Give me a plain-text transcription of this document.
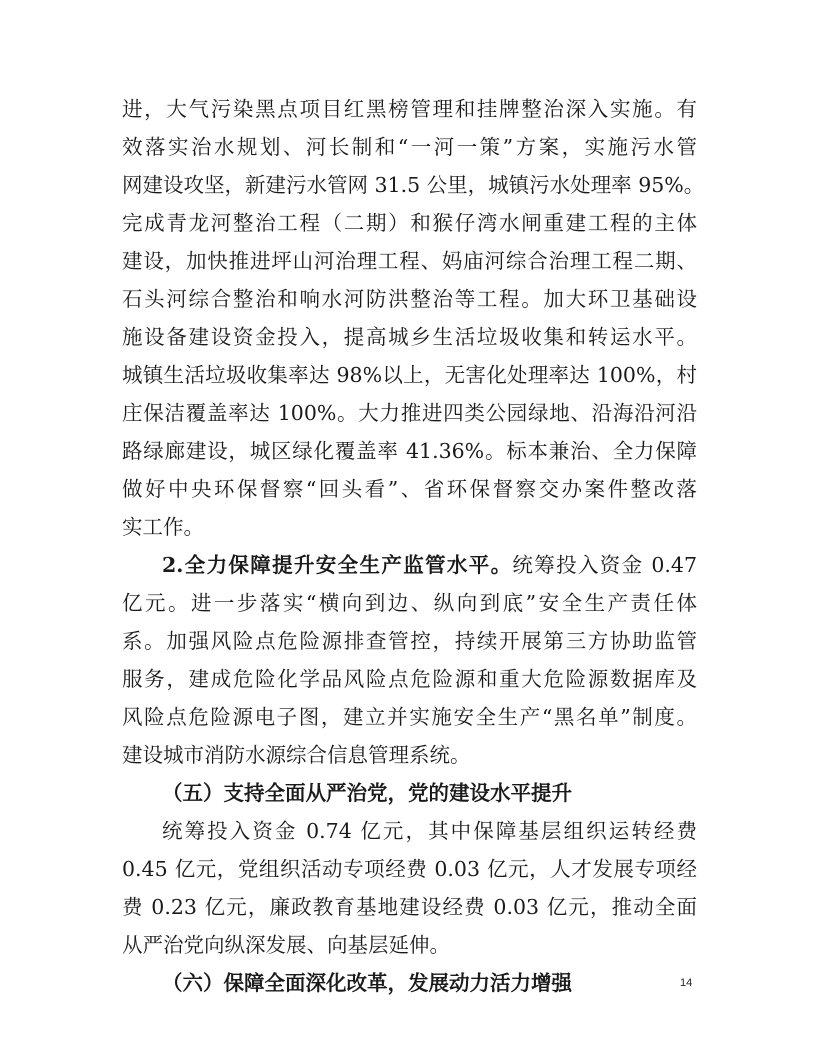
进，大气污染黑点项目红黑榜管理和挂牌整治深入实施。有
效落实治水规划、河长制和“一河一策”方案，实施污水管
网建设攻坚，新建污水管网 31.5 公里，城镇污水处理率 95%。
完成青龙河整治工程（二期）和猴仔湾水闸重建工程的主体
建设，加快推进坪山河治理工程、妈庙河综合治理工程二期、
石头河综合整治和响水河防洪整治等工程。加大环卫基础设
施设备建设资金投入，提高城乡生活垃圾收集和转运水平。
城镇生活垃圾收集率达 98%以上，无害化处理率达 100%，村
庄保洁覆盖率达 100%。大力推进四类公园绿地、沿海沿河沿
路绿廊建设，城区绿化覆盖率 41.36%。标本兼治、全力保障
做好中央环保督察“回头看”、省环保督察交办案件整改落
实工作。
2.全力保障提升安全生产监管水平。统筹投入资金 0.47
亿元。进一步落实“横向到边、纵向到底”安全生产责任体
系。加强风险点危险源排查管控，持续开展第三方协助监管
服务，建成危险化学品风险点危险源和重大危险源数据库及
风险点危险源电子图，建立并实施安全生产“黑名单”制度。
建设城市消防水源综合信息管理系统。
（五）支持全面从严治党，党的建设水平提升
统筹投入资金 0.74 亿元，其中保障基层组织运转经费
0.45 亿元，党组织活动专项经费 0.03 亿元，人才发展专项经
费 0.23 亿元，廉政教育基地建设经费 0.03 亿元，推动全面
从严治党向纵深发展、向基层延伸。
（六）保障全面深化改革，发展动力活力增强	14
